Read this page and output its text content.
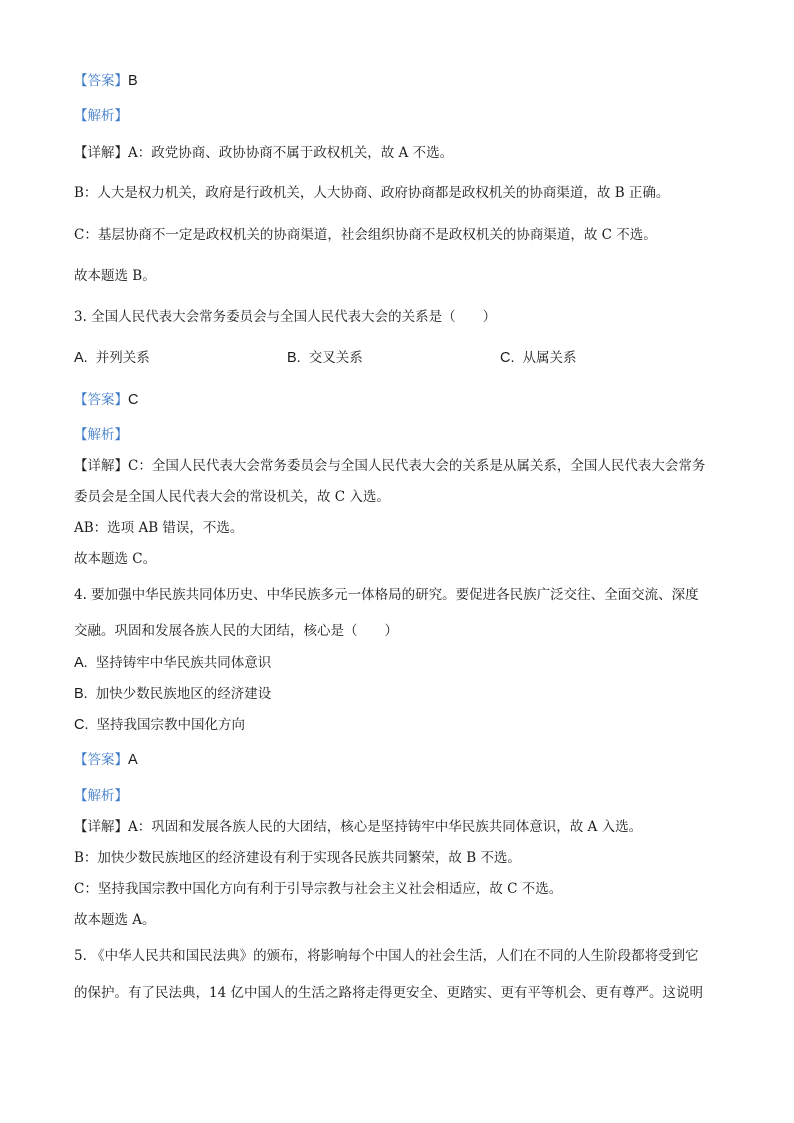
【答案】B
【解析】
【详解】A：政党协商、政协协商不属于政权机关，故 A 不选。
B：人大是权力机关，政府是行政机关，人大协商、政府协商都是政权机关的协商渠道，故 B 正确。
C：基层协商不一定是政权机关的协商渠道，社会组织协商不是政权机关的协商渠道，故 C 不选。
故本题选 B。
3. 全国人民代表大会常务委员会与全国人民代表大会的关系是（　　）
A. 并列关系	B. 交叉关系	C. 从属关系
【答案】C
【解析】
【详解】C：全国人民代表大会常务委员会与全国人民代表大会的关系是从属关系，全国人民代表大会常务
委员会是全国人民代表大会的常设机关，故 C 入选。
AB：选项 AB 错误，不选。
故本题选 C。
4. 要加强中华民族共同体历史、中华民族多元一体格局的研究。要促进各民族广泛交往、全面交流、深度
交融。巩固和发展各族人民的大团结，核心是（　　）
A. 坚持铸牢中华民族共同体意识
B. 加快少数民族地区的经济建设
C. 坚持我国宗教中国化方向
【答案】A
【解析】
【详解】A：巩固和发展各族人民的大团结，核心是坚持铸牢中华民族共同体意识，故 A 入选。
B：加快少数民族地区的经济建设有利于实现各民族共同繁荣，故 B 不选。
C：坚持我国宗教中国化方向有利于引导宗教与社会主义社会相适应，故 C 不选。
故本题选 A。
5. 《中华人民共和国民法典》的颁布，将影响每个中国人的社会生活，人们在不同的人生阶段都将受到它
的保护。有了民法典，14 亿中国人的生活之路将走得更安全、更踏实、更有平等机会、更有尊严。这说明
